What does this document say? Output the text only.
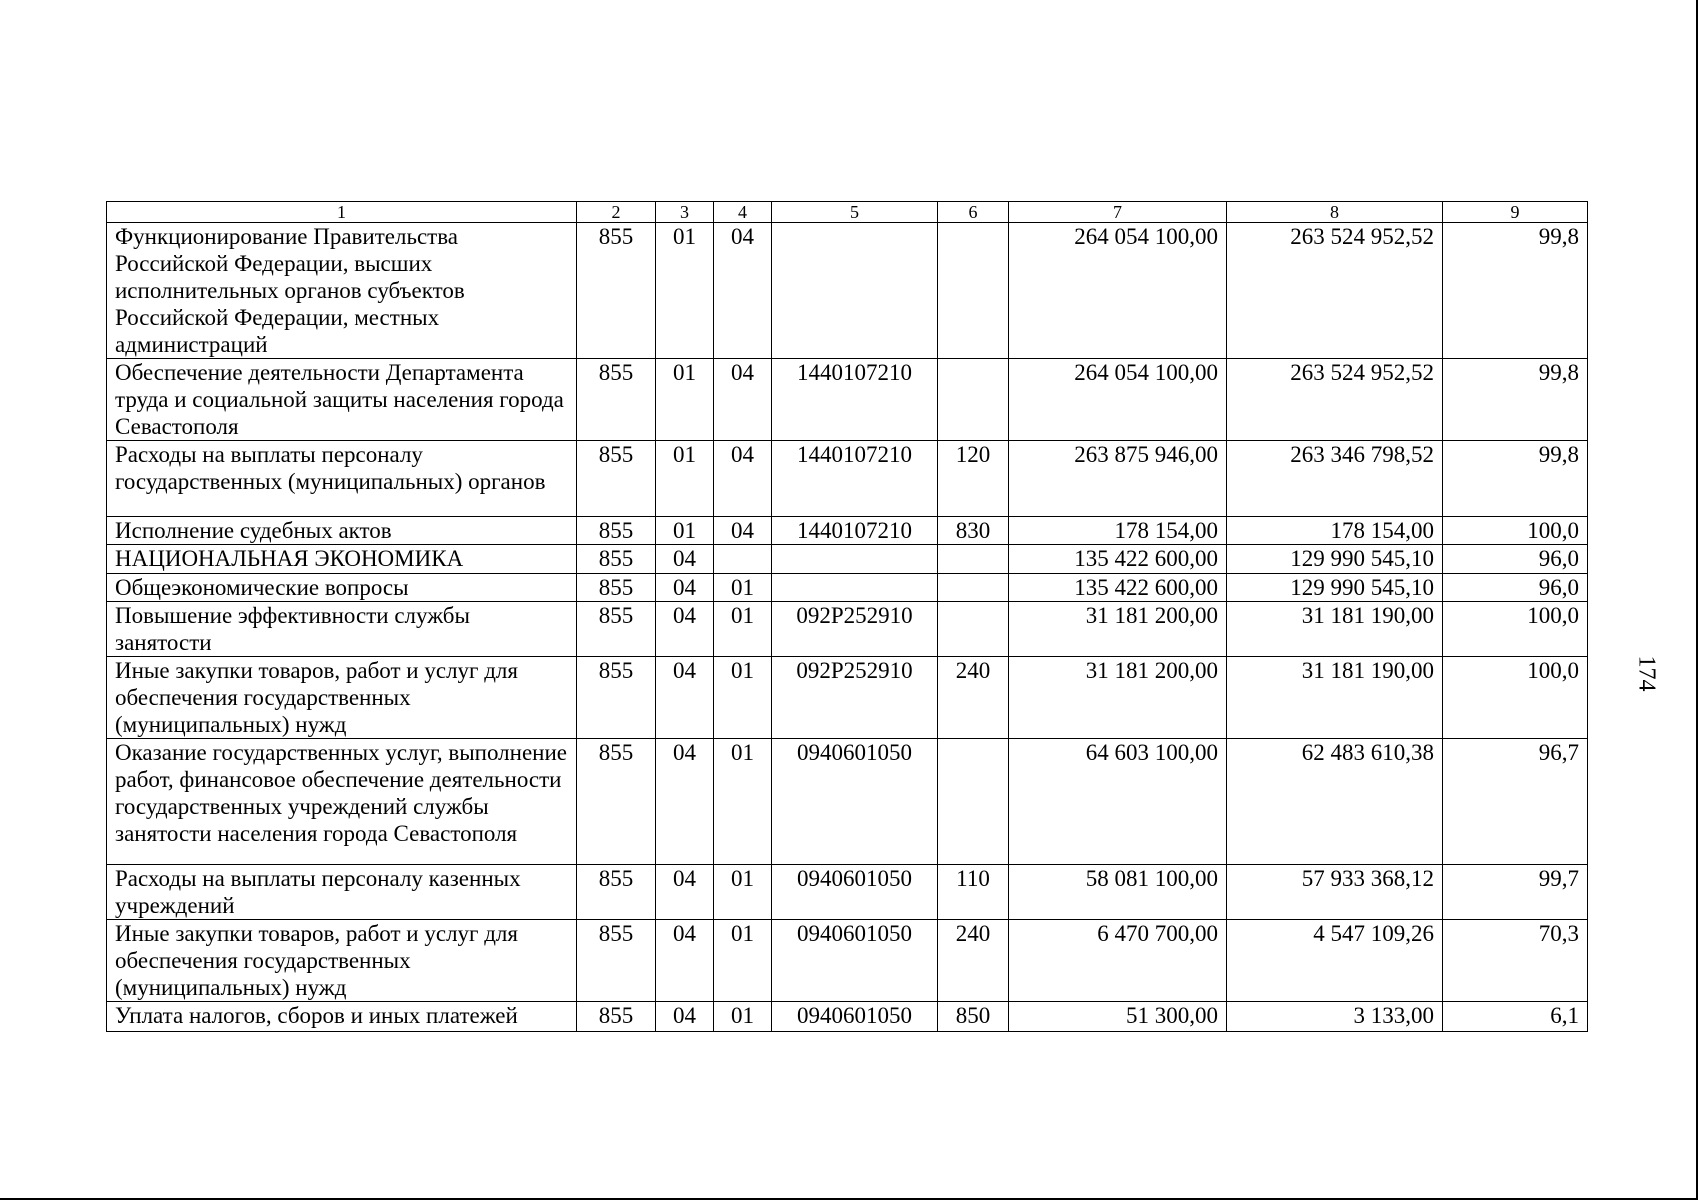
1	2	3	4	5	6	7	8	9
Функционирование Правительства Российской Федерации, высших исполнительных органов субъектов Российской Федерации, местных администраций	855	01	04			264 054 100,00	263 524 952,52	99,8
Обеспечение деятельности Департамента труда и социальной защиты населения города Севастополя	855	01	04	1440107210		264 054 100,00	263 524 952,52	99,8
Расходы на выплаты персоналу государственных (муниципальных) органов	855	01	04	1440107210	120	263 875 946,00	263 346 798,52	99,8
Исполнение судебных актов	855	01	04	1440107210	830	178 154,00	178 154,00	100,0
НАЦИОНАЛЬНАЯ ЭКОНОМИКА	855	04				135 422 600,00	129 990 545,10	96,0
Общеэкономические вопросы	855	04	01			135 422 600,00	129 990 545,10	96,0
Повышение эффективности службы занятости	855	04	01	092P252910		31 181 200,00	31 181 190,00	100,0
Иные закупки товаров, работ и услуг для обеспечения государственных (муниципальных) нужд	855	04	01	092P252910	240	31 181 200,00	31 181 190,00	100,0
Оказание государственных услуг, выполнение работ, финансовое обеспечение деятельности государственных учреждений службы занятости населения города Севастополя	855	04	01	0940601050		64 603 100,00	62 483 610,38	96,7
Расходы на выплаты персоналу казенных учреждений	855	04	01	0940601050	110	58 081 100,00	57 933 368,12	99,7
Иные закупки товаров, работ и услуг для обеспечения государственных (муниципальных) нужд	855	04	01	0940601050	240	6 470 700,00	4 547 109,26	70,3
Уплата налогов, сборов и иных платежей	855	04	01	0940601050	850	51 300,00	3 133,00	6,1
174
